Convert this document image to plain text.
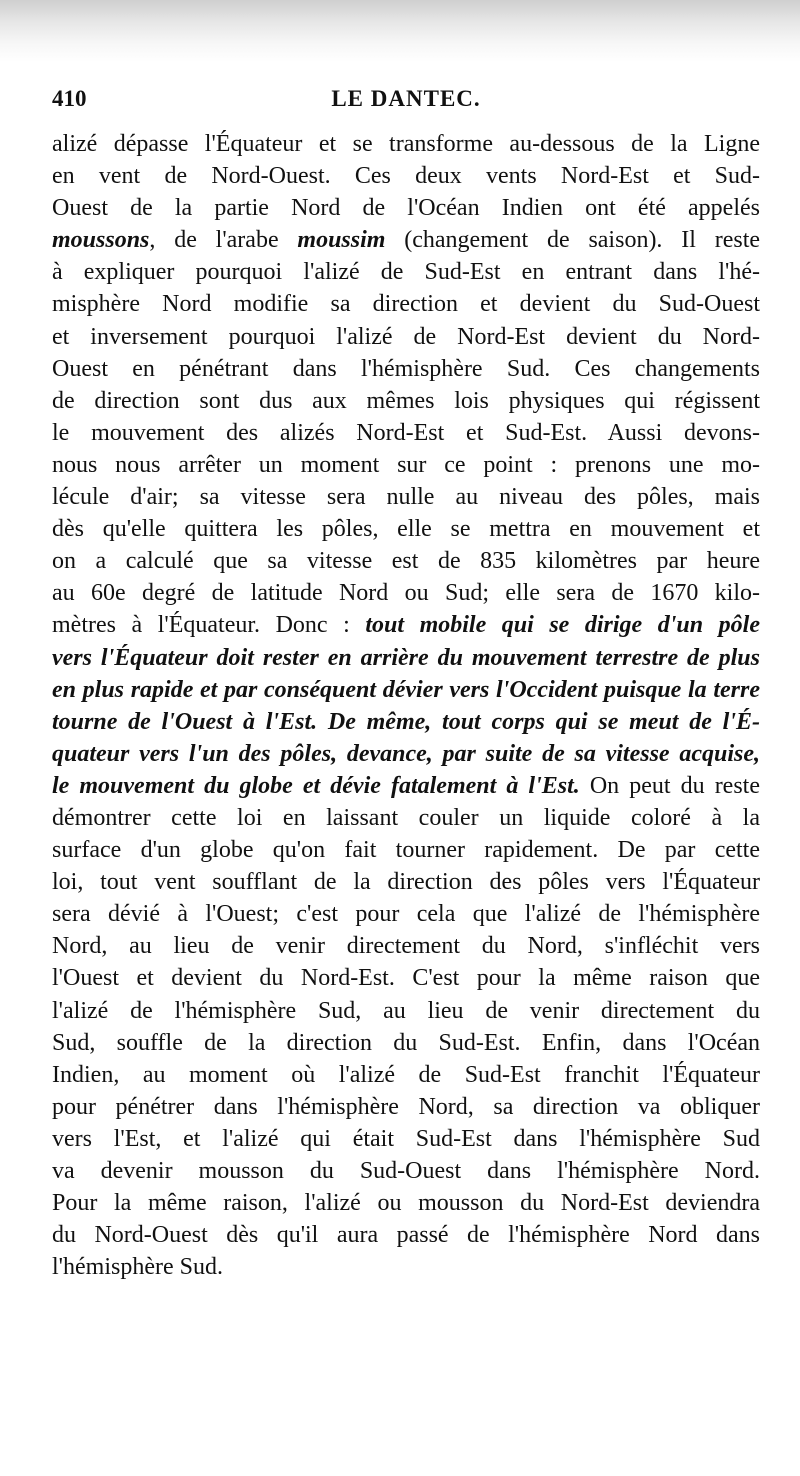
410	LE DANTEC.
alizé dépasse l'Équateur et se transforme au-dessous de la Ligne
en vent de Nord-Ouest. Ces deux vents Nord-Est et Sud-
Ouest de la partie Nord de l'Océan Indien ont été appelés
moussons, de l'arabe moussim (changement de saison). Il reste
à expliquer pourquoi l'alizé de Sud-Est en entrant dans l'hé-
misphère Nord modifie sa direction et devient du Sud-Ouest
et inversement pourquoi l'alizé de Nord-Est devient du Nord-
Ouest en pénétrant dans l'hémisphère Sud. Ces changements
de direction sont dus aux mêmes lois physiques qui régissent
le mouvement des alizés Nord-Est et Sud-Est. Aussi devons-
nous nous arrêter un moment sur ce point : prenons une mo-
lécule d'air; sa vitesse sera nulle au niveau des pôles, mais
dès qu'elle quittera les pôles, elle se mettra en mouvement et
on a calculé que sa vitesse est de 835 kilomètres par heure
au 60e degré de latitude Nord ou Sud; elle sera de 1670 kilo-
mètres à l'Équateur. Donc : tout mobile qui se dirige d'un pôle
vers l'Équateur doit rester en arrière du mouvement terrestre de plus
en plus rapide et par conséquent dévier vers l'Occident puisque la terre
tourne de l'Ouest à l'Est. De même, tout corps qui se meut de l'É-
quateur vers l'un des pôles, devance, par suite de sa vitesse acquise,
le mouvement du globe et dévie fatalement à l'Est. On peut du reste
démontrer cette loi en laissant couler un liquide coloré à la
surface d'un globe qu'on fait tourner rapidement. De par cette
loi, tout vent soufflant de la direction des pôles vers l'Équateur
sera dévié à l'Ouest; c'est pour cela que l'alizé de l'hémisphère
Nord, au lieu de venir directement du Nord, s'infléchit vers
l'Ouest et devient du Nord-Est. C'est pour la même raison que
l'alizé de l'hémisphère Sud, au lieu de venir directement du
Sud, souffle de la direction du Sud-Est. Enfin, dans l'Océan
Indien, au moment où l'alizé de Sud-Est franchit l'Équateur
pour pénétrer dans l'hémisphère Nord, sa direction va obliquer
vers l'Est, et l'alizé qui était Sud-Est dans l'hémisphère Sud
va devenir mousson du Sud-Ouest dans l'hémisphère Nord.
Pour la même raison, l'alizé ou mousson du Nord-Est deviendra
du Nord-Ouest dès qu'il aura passé de l'hémisphère Nord dans
l'hémisphère Sud.
